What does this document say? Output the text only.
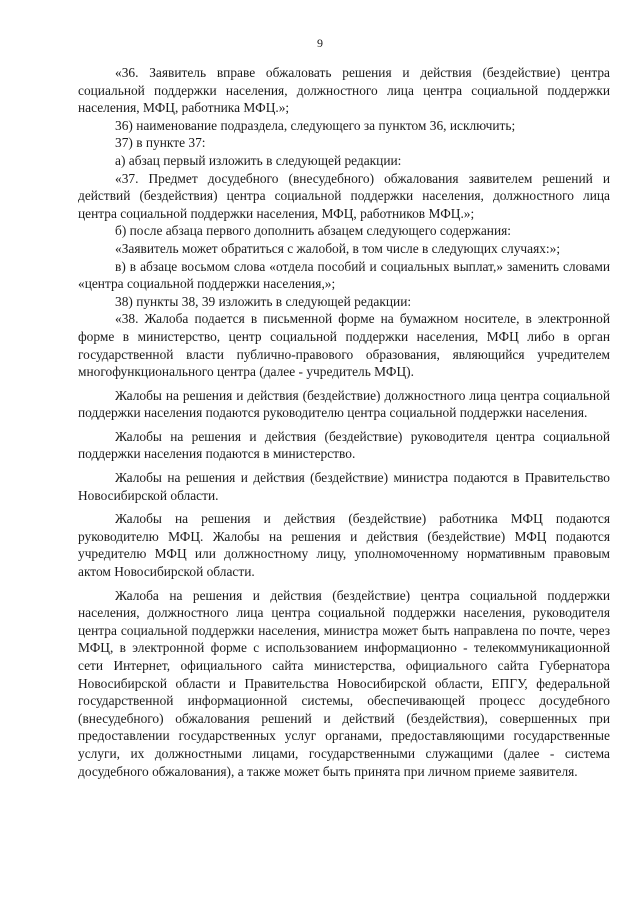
9

«36. Заявитель вправе обжаловать решения и действия (бездействие) центра социальной поддержки населения, должностного лица центра социальной поддержки населения, МФЦ, работника МФЦ.»;

36) наименование подраздела, следующего за пунктом 36, исключить;

37) в пункте 37:

а) абзац первый изложить в следующей редакции:

«37. Предмет досудебного (внесудебного) обжалования заявителем решений и действий (бездействия) центра социальной поддержки населения, должностного лица центра социальной поддержки населения, МФЦ, работников МФЦ.»;

б) после абзаца первого дополнить абзацем следующего содержания:

«Заявитель может обратиться с жалобой, в том числе в следующих случаях:»;

в) в абзаце восьмом слова «отдела пособий и социальных выплат,» заменить словами «центра социальной поддержки населения,»;

38) пункты 38, 39 изложить в следующей редакции:

«38. Жалоба подается в письменной форме на бумажном носителе, в электронной форме в министерство, центр социальной поддержки населения, МФЦ либо в орган государственной власти публично-правового образования, являющийся учредителем многофункционального центра (далее - учредитель МФЦ).

Жалобы на решения и действия (бездействие) должностного лица центра социальной поддержки населения подаются руководителю центра социальной поддержки населения.

Жалобы на решения и действия (бездействие) руководителя центра социальной поддержки населения подаются в министерство.

Жалобы на решения и действия (бездействие) министра подаются в Правительство Новосибирской области.

Жалобы на решения и действия (бездействие) работника МФЦ подаются руководителю МФЦ. Жалобы на решения и действия (бездействие) МФЦ подаются учредителю МФЦ или должностному лицу, уполномоченному нормативным правовым актом Новосибирской области.

Жалоба на решения и действия (бездействие) центра социальной поддержки населения, должностного лица центра социальной поддержки населения, руководителя центра социальной поддержки населения, министра может быть направлена по почте, через МФЦ, в электронной форме с использованием информационно - телекоммуникационной сети Интернет, официального сайта министерства, официального сайта Губернатора Новосибирской области и Правительства Новосибирской области, ЕПГУ, федеральной государственной информационной системы, обеспечивающей процесс досудебного (внесудебного) обжалования решений и действий (бездействия), совершенных при предоставлении государственных услуг органами, предоставляющими государственные услуги, их должностными лицами, государственными служащими (далее - система досудебного обжалования), а также может быть принята при личном приеме заявителя.
